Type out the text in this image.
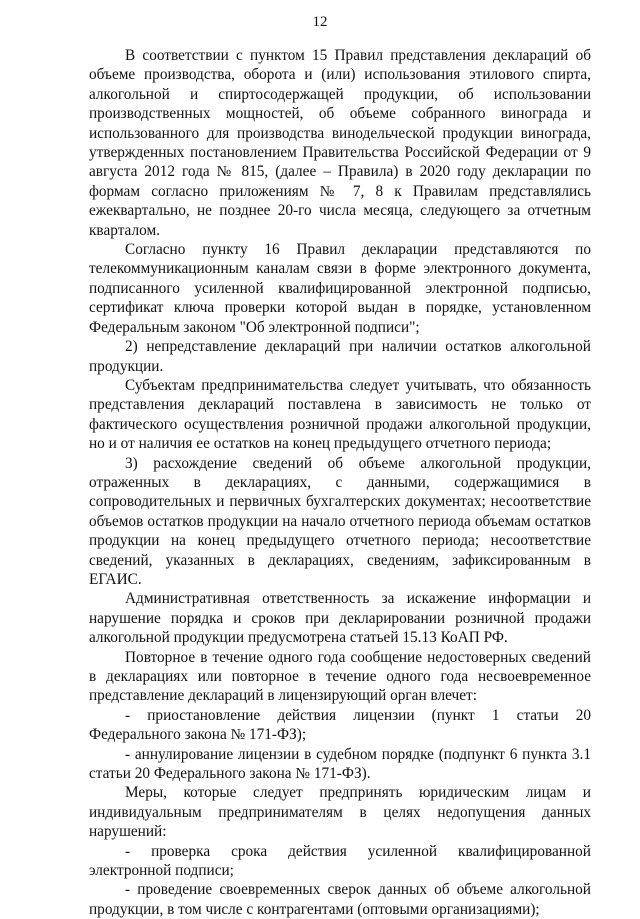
12

В соответствии с пунктом 15 Правил представления деклараций об объеме производства, оборота и (или) использования этилового спирта, алкогольной и спиртосодержащей продукции, об использовании производственных мощностей, об объеме собранного винограда и использованного для производства винодельческой продукции винограда, утвержденных постановлением Правительства Российской Федерации от 9 августа 2012 года № 815, (далее – Правила) в 2020 году декларации по формам согласно приложениям № 7, 8 к Правилам представлялись ежеквартально, не позднее 20-го числа месяца, следующего за отчетным кварталом.

Согласно пункту 16 Правил декларации представляются по телекоммуникационным каналам связи в форме электронного документа, подписанного усиленной квалифицированной электронной подписью, сертификат ключа проверки которой выдан в порядке, установленном Федеральным законом "Об электронной подписи";

2) непредставление деклараций при наличии остатков алкогольной продукции.

Субъектам предпринимательства следует учитывать, что обязанность представления деклараций поставлена в зависимость не только от фактического осуществления розничной продажи алкогольной продукции, но и от наличия ее остатков на конец предыдущего отчетного периода;

3) расхождение сведений об объеме алкогольной продукции, отраженных в декларациях, с данными, содержащимися в сопроводительных и первичных бухгалтерских документах; несоответствие объемов остатков продукции на начало отчетного периода объемам остатков продукции на конец предыдущего отчетного периода; несоответствие сведений, указанных в декларациях, сведениям, зафиксированным в ЕГАИС.

Административная ответственность за искажение информации и нарушение порядка и сроков при декларировании розничной продажи алкогольной продукции предусмотрена статьей 15.13 КоАП РФ.

Повторное в течение одного года сообщение недостоверных сведений в декларациях или повторное в течение одного года несвоевременное представление деклараций в лицензирующий орган влечет:

- приостановление действия лицензии (пункт 1 статьи 20 Федерального закона № 171-ФЗ);

- аннулирование лицензии в судебном порядке (подпункт 6 пункта 3.1 статьи 20 Федерального закона № 171-ФЗ).

Меры, которые следует предпринять юридическим лицам и индивидуальным предпринимателям в целях недопущения данных нарушений:

- проверка срока действия усиленной квалифицированной электронной подписи;

- проведение своевременных сверок данных об объеме алкогольной продукции, в том числе с контрагентами (оптовыми организациями);
